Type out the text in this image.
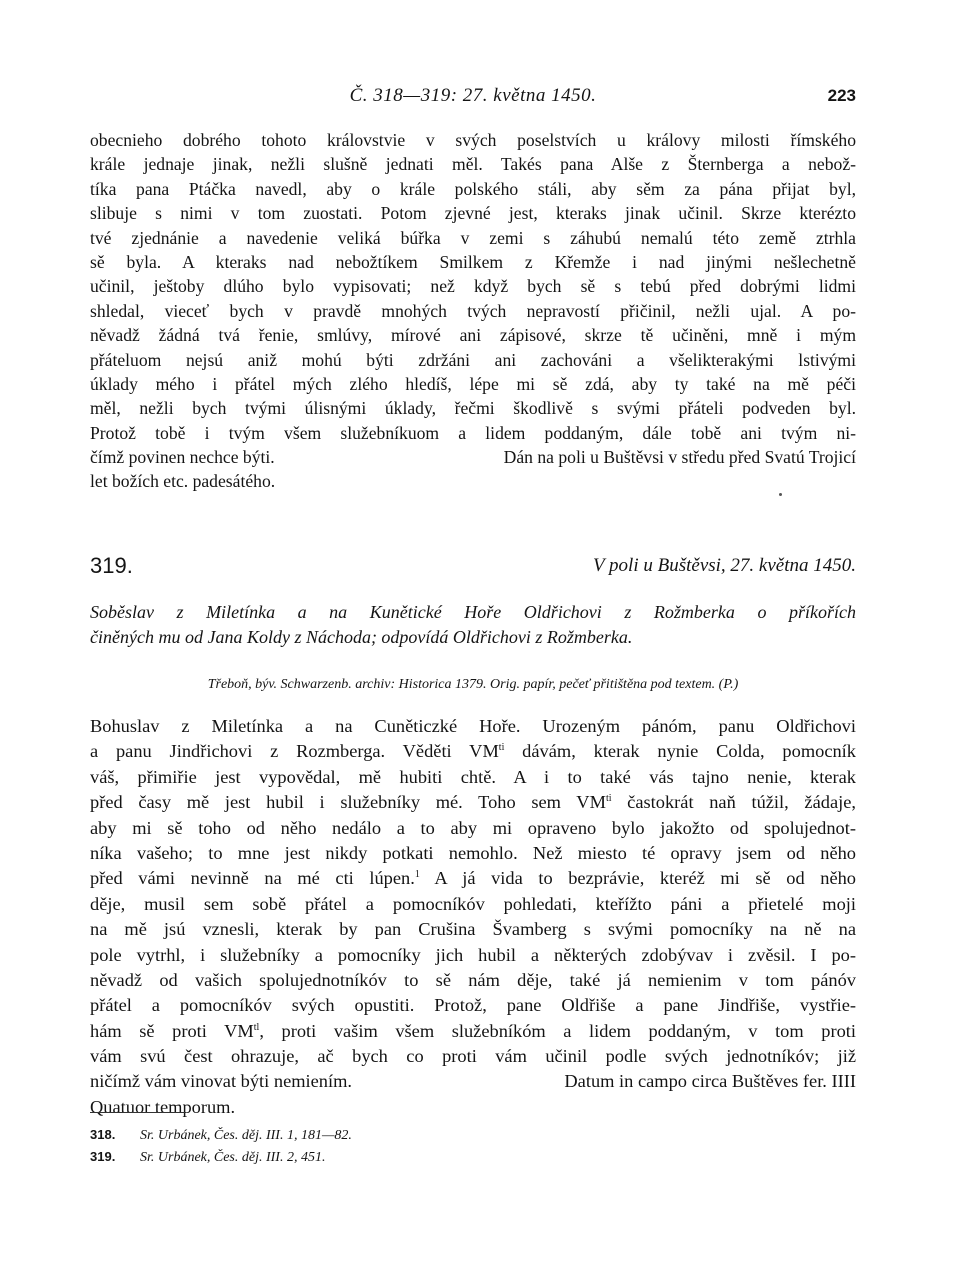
Č. 318—319: 27. května 1450.	223
obecnieho dobrého tohoto královstvie v svých poselstvích u královy milosti římského
krále jednaje jinak, nežli slušně jednati měl. Takés pana Alše z Šternberga a nebož-
tíka pana Ptáčka navedl, aby o krále polského stáli, aby sěm za pána přijat byl,
slibuje s nimi v tom zuostati. Potom zjevné jest, kteraks jinak učinil. Skrze kterézto
tvé zjednánie a navedenie veliká búřka v zemi s záhubú nemalú této země ztrhla
sě byla. A kteraks nad nebožtíkem Smilkem z Křemže i nad jinými nešlechetně
učinil, ještoby dlúho bylo vypisovati; než když bych sě s tebú před dobrými lidmi
shledal, vieceť bych v pravdě mnohých tvých nepravostí přičinil, nežli ujal. A po-
něvadž žádná tvá řenie, smlúvy, mírové ani zápisové, skrze tě učiněni, mně i mým
přáteluom nejsú aniž mohú býti zdržáni ani zachováni a všelikterakými lstivými
úklady mého i přátel mých zlého hledíš, lépe mi sě zdá, aby ty také na mě péči
měl, nežli bych tvými úlisnými úklady, řečmi škodlivě s svými přáteli podveden byl.
Protož tobě i tvým všem služebníkuom a lidem poddaným, dále tobě ani tvým ni-
čímž povinen nechce býti.	Dán na poli u Buštěvsi v středu před Svatú Trojicí
let božích etc. padesátého.
319.	V poli u Buštěvsi, 27. května 1450.
Soběslav z Miletínka a na Kunětické Hoře Oldřichovi z Rožmberka o příkořích
činěných mu od Jana Koldy z Náchoda; odpovídá Oldřichovi z Rožmberka.
Třeboň, býv. Schwarzenb. archiv: Historica 1379. Orig. papír, pečeť přitištěna pod textem. (P.)
Bohuslav z Miletínka a na Cuněticzké Hoře. Urozeným pánóm, panu Oldřichovi
a panu Jindřichovi z Rozmberga. Věděti $VM^{ti}$ dávám, kterak nynie Colda, pomocník
váš, přimiřie jest vypovědal, mě hubiti chtě. A i to také vás tajno nenie, kterak
před časy mě jest hubil i služebníky mé. Toho sem $VM^{ti}$ častokrát naň túžil, žádaje,
aby mi sě toho od něho nedálo a to aby mi opraveno bylo jakožto od spolujednot-
níka vašeho; to mne jest nikdy potkati nemohlo. Než miesto té opravy jsem od něho
před vámi nevinně na mé cti lúpen.$^1$ A já vida to bezprávie, kteréž mi sě od něho
děje, musil sem sobě přátel a pomocníkóv pohledati, kteřížto páni a přietelé moji
na mě jsú vznesli, kterak by pan Crušina Švamberg s svými pomocníky na ně na
pole vytrhl, i služebníky a pomocníky jich hubil a některých zdobývav i zvěsil. I po-
něvadž od vašich spolujednotníkóv to sě nám děje, také já nemienim v tom pánóv
přátel a pomocníkóv svých opustiti. Protož, pane Oldřiše a pane Jindřiše, vystřie-
hám sě proti $VM^{tl}$, proti vašim všem služebníkóm a lidem poddaným, v tom proti
vám svú čest ohrazuje, ač bych co proti vám učinil podle svých jednotníkóv; již
ničímž vám vinovat býti nemiením.	Datum in campo circa Buštěves fer. IIII
Quatuor temporum.
318. Sr. Urbánek, Čes. děj. III. 1, 181—82.
319. Sr. Urbánek, Čes. děj. III. 2, 451.
